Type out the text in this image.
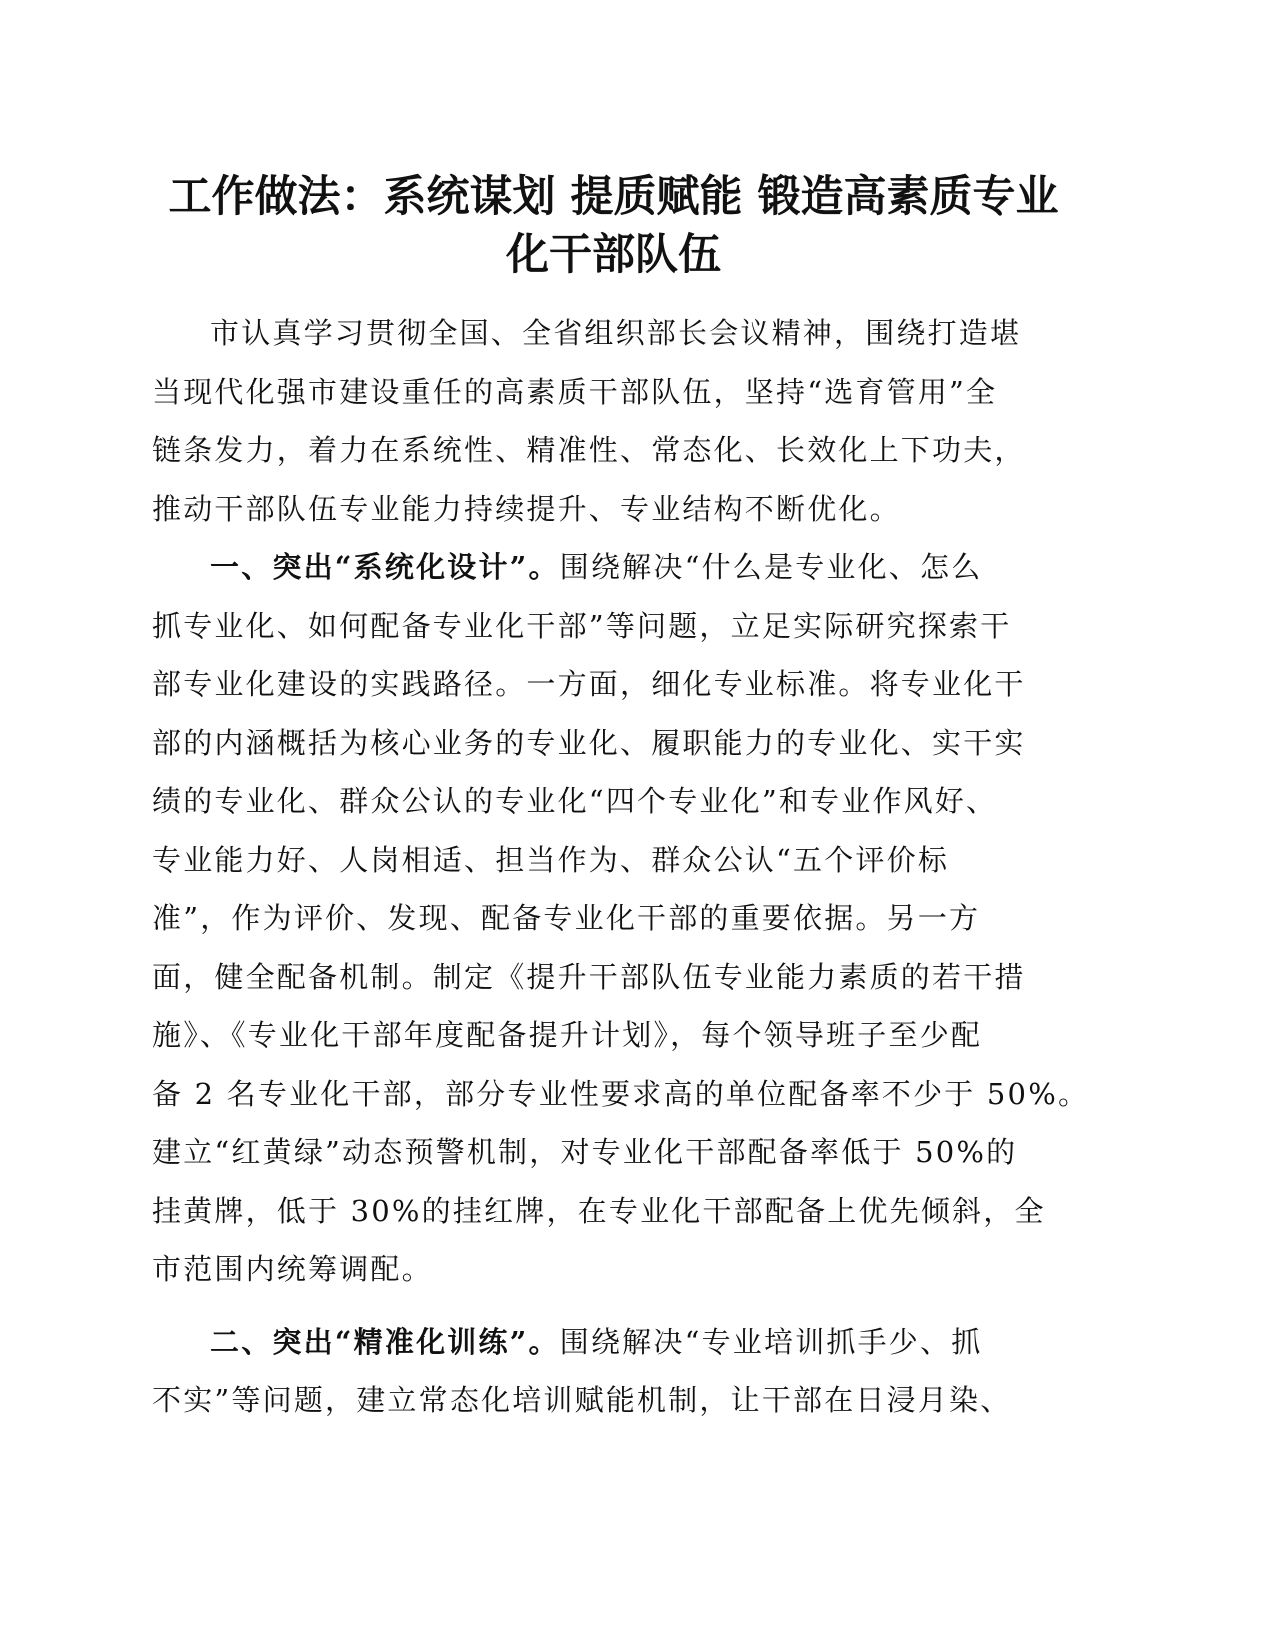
工作做法：系统谋划 提质赋能 锻造高素质专业
化干部队伍

市认真学习贯彻全国、全省组织部长会议精神，围绕打造堪
当现代化强市建设重任的高素质干部队伍，坚持“选育管用”全
链条发力，着力在系统性、精准性、常态化、长效化上下功夫，
推动干部队伍专业能力持续提升、专业结构不断优化。

一、突出“系统化设计”。围绕解决“什么是专业化、怎么
抓专业化、如何配备专业化干部”等问题，立足实际研究探索干
部专业化建设的实践路径。一方面，细化专业标准。将专业化干
部的内涵概括为核心业务的专业化、履职能力的专业化、实干实
绩的专业化、群众公认的专业化“四个专业化”和专业作风好、
专业能力好、人岗相适、担当作为、群众公认“五个评价标
准”，作为评价、发现、配备专业化干部的重要依据。另一方
面，健全配备机制。制定《提升干部队伍专业能力素质的若干措
施》、《专业化干部年度配备提升计划》，每个领导班子至少配
备 2 名专业化干部，部分专业性要求高的单位配备率不少于 50%。
建立“红黄绿”动态预警机制，对专业化干部配备率低于 50%的
挂黄牌，低于 30%的挂红牌，在专业化干部配备上优先倾斜，全
市范围内统筹调配。

二、突出“精准化训练”。围绕解决“专业培训抓手少、抓
不实”等问题，建立常态化培训赋能机制，让干部在日浸月染、
